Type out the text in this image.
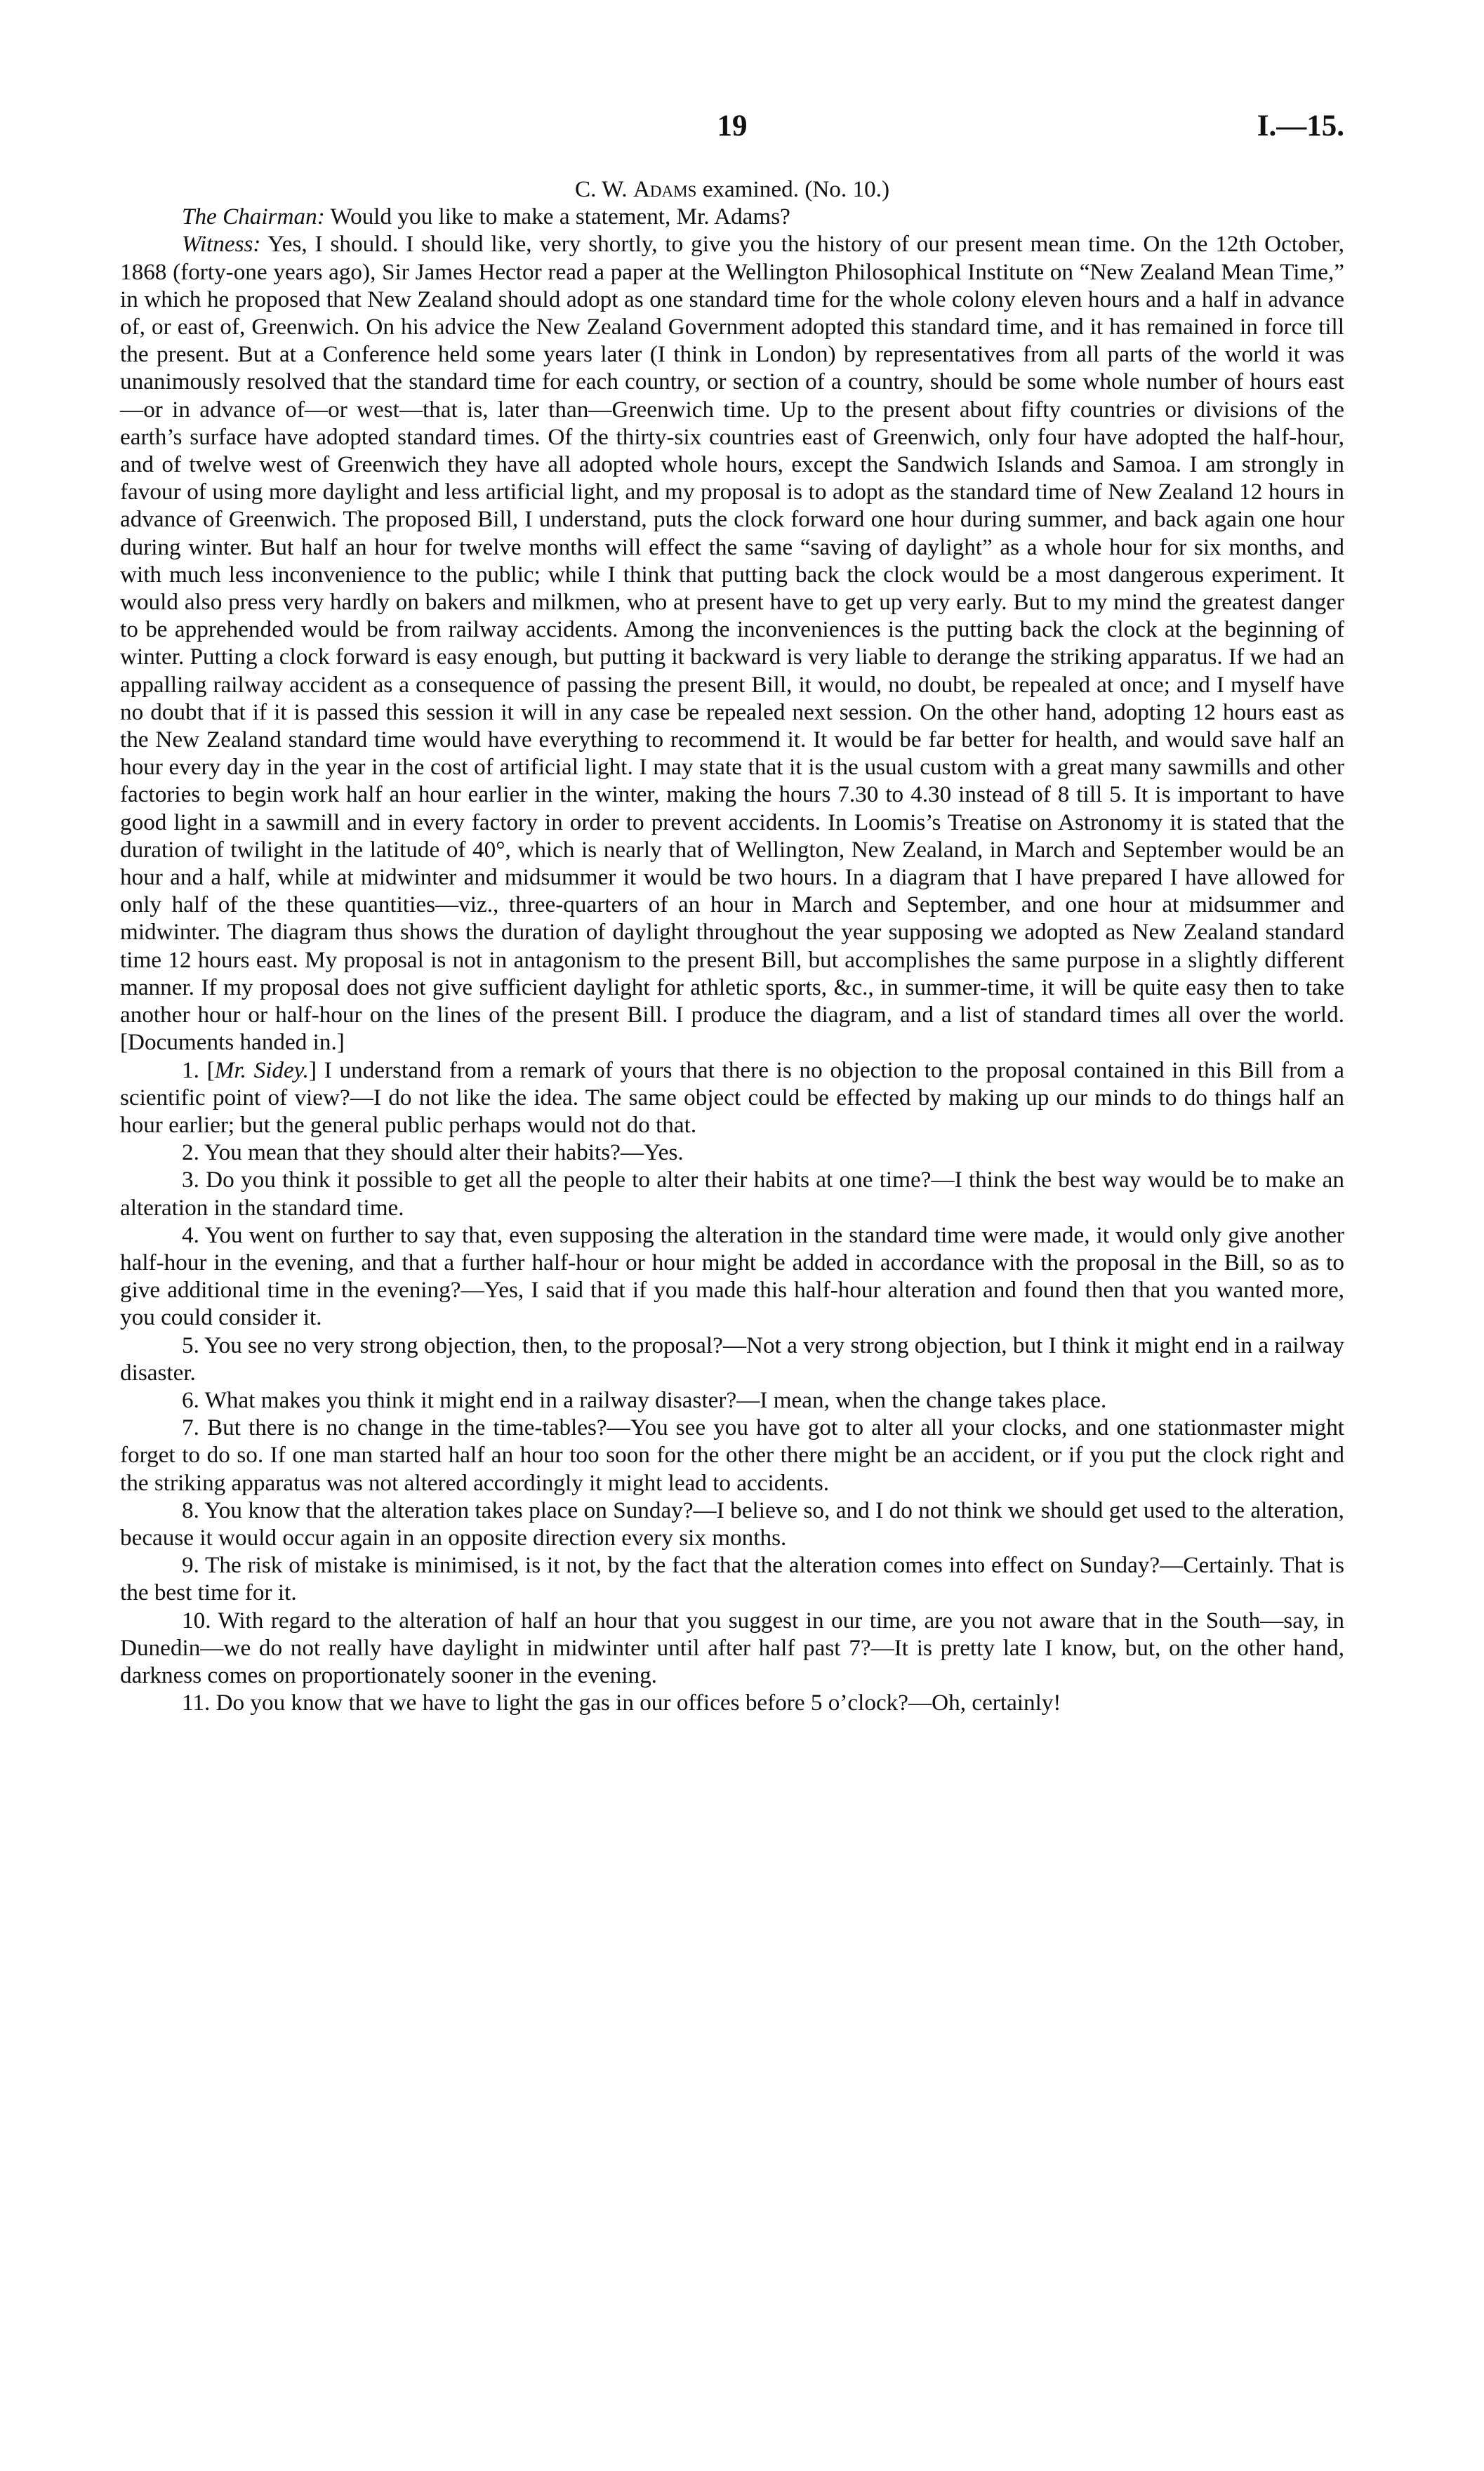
19	I.—15.
C. W. Adams examined. (No. 10.)

The Chairman: Would you like to make a statement, Mr. Adams?

Witness: Yes, I should. I should like, very shortly, to give you the history of our present mean time. On the 12th October, 1868 (forty-one years ago), Sir James Hector read a paper at the Wellington Philosophical Institute on “New Zealand Mean Time,” in which he proposed that New Zealand should adopt as one standard time for the whole colony eleven hours and a half in advance of, or east of, Greenwich. On his advice the New Zealand Government adopted this standard time, and it has remained in force till the present. But at a Conference held some years later (I think in London) by representatives from all parts of the world it was unanimously resolved that the standard time for each country, or section of a country, should be some whole number of hours east—or in advance of—or west—that is, later than—Greenwich time. Up to the present about fifty countries or divisions of the earth’s surface have adopted standard times. Of the thirty-six countries east of Greenwich, only four have adopted the half-hour, and of twelve west of Greenwich they have all adopted whole hours, except the Sandwich Islands and Samoa. I am strongly in favour of using more daylight and less artificial light, and my proposal is to adopt as the standard time of New Zealand 12 hours in advance of Greenwich. The proposed Bill, I understand, puts the clock forward one hour during summer, and back again one hour during winter. But half an hour for twelve months will effect the same “saving of daylight” as a whole hour for six months, and with much less inconvenience to the public; while I think that putting back the clock would be a most dangerous experiment. It would also press very hardly on bakers and milkmen, who at present have to get up very early. But to my mind the greatest danger to be apprehended would be from railway accidents. Among the inconveniences is the putting back the clock at the beginning of winter. Putting a clock forward is easy enough, but putting it backward is very liable to derange the striking apparatus. If we had an appalling railway accident as a consequence of passing the present Bill, it would, no doubt, be repealed at once; and I myself have no doubt that if it is passed this session it will in any case be repealed next session. On the other hand, adopting 12 hours east as the New Zealand standard time would have everything to recommend it. It would be far better for health, and would save half an hour every day in the year in the cost of artificial light. I may state that it is the usual custom with a great many sawmills and other factories to begin work half an hour earlier in the winter, making the hours 7.30 to 4.30 instead of 8 till 5. It is important to have good light in a sawmill and in every factory in order to prevent accidents. In Loomis’s Treatise on Astronomy it is stated that the duration of twilight in the latitude of 40°, which is nearly that of Wellington, New Zealand, in March and September would be an hour and a half, while at midwinter and midsummer it would be two hours. In a diagram that I have prepared I have allowed for only half of the these quantities—viz., three-quarters of an hour in March and September, and one hour at midsummer and midwinter. The diagram thus shows the duration of daylight throughout the year supposing we adopted as New Zealand standard time 12 hours east. My proposal is not in antagonism to the present Bill, but accomplishes the same purpose in a slightly different manner. If my proposal does not give sufficient daylight for athletic sports, &c., in summer-time, it will be quite easy then to take another hour or half-hour on the lines of the present Bill. I produce the diagram, and a list of standard times all over the world. [Documents handed in.]

1. [Mr. Sidey.] I understand from a remark of yours that there is no objection to the proposal contained in this Bill from a scientific point of view?—I do not like the idea. The same object could be effected by making up our minds to do things half an hour earlier; but the general public perhaps would not do that.

2. You mean that they should alter their habits?—Yes.

3. Do you think it possible to get all the people to alter their habits at one time?—I think the best way would be to make an alteration in the standard time.

4. You went on further to say that, even supposing the alteration in the standard time were made, it would only give another half-hour in the evening, and that a further half-hour or hour might be added in accordance with the proposal in the Bill, so as to give additional time in the evening?—Yes, I said that if you made this half-hour alteration and found then that you wanted more, you could consider it.

5. You see no very strong objection, then, to the proposal?—Not a very strong objection, but I think it might end in a railway disaster.

6. What makes you think it might end in a railway disaster?—I mean, when the change takes place.

7. But there is no change in the time-tables?—You see you have got to alter all your clocks, and one stationmaster might forget to do so. If one man started half an hour too soon for the other there might be an accident, or if you put the clock right and the striking apparatus was not altered accordingly it might lead to accidents.

8. You know that the alteration takes place on Sunday?—I believe so, and I do not think we should get used to the alteration, because it would occur again in an opposite direction every six months.

9. The risk of mistake is minimised, is it not, by the fact that the alteration comes into effect on Sunday?—Certainly. That is the best time for it.

10. With regard to the alteration of half an hour that you suggest in our time, are you not aware that in the South—say, in Dunedin—we do not really have daylight in midwinter until after half past 7?—It is pretty late I know, but, on the other hand, darkness comes on proportionately sooner in the evening.

11. Do you know that we have to light the gas in our offices before 5 o’clock?—Oh, certainly!
